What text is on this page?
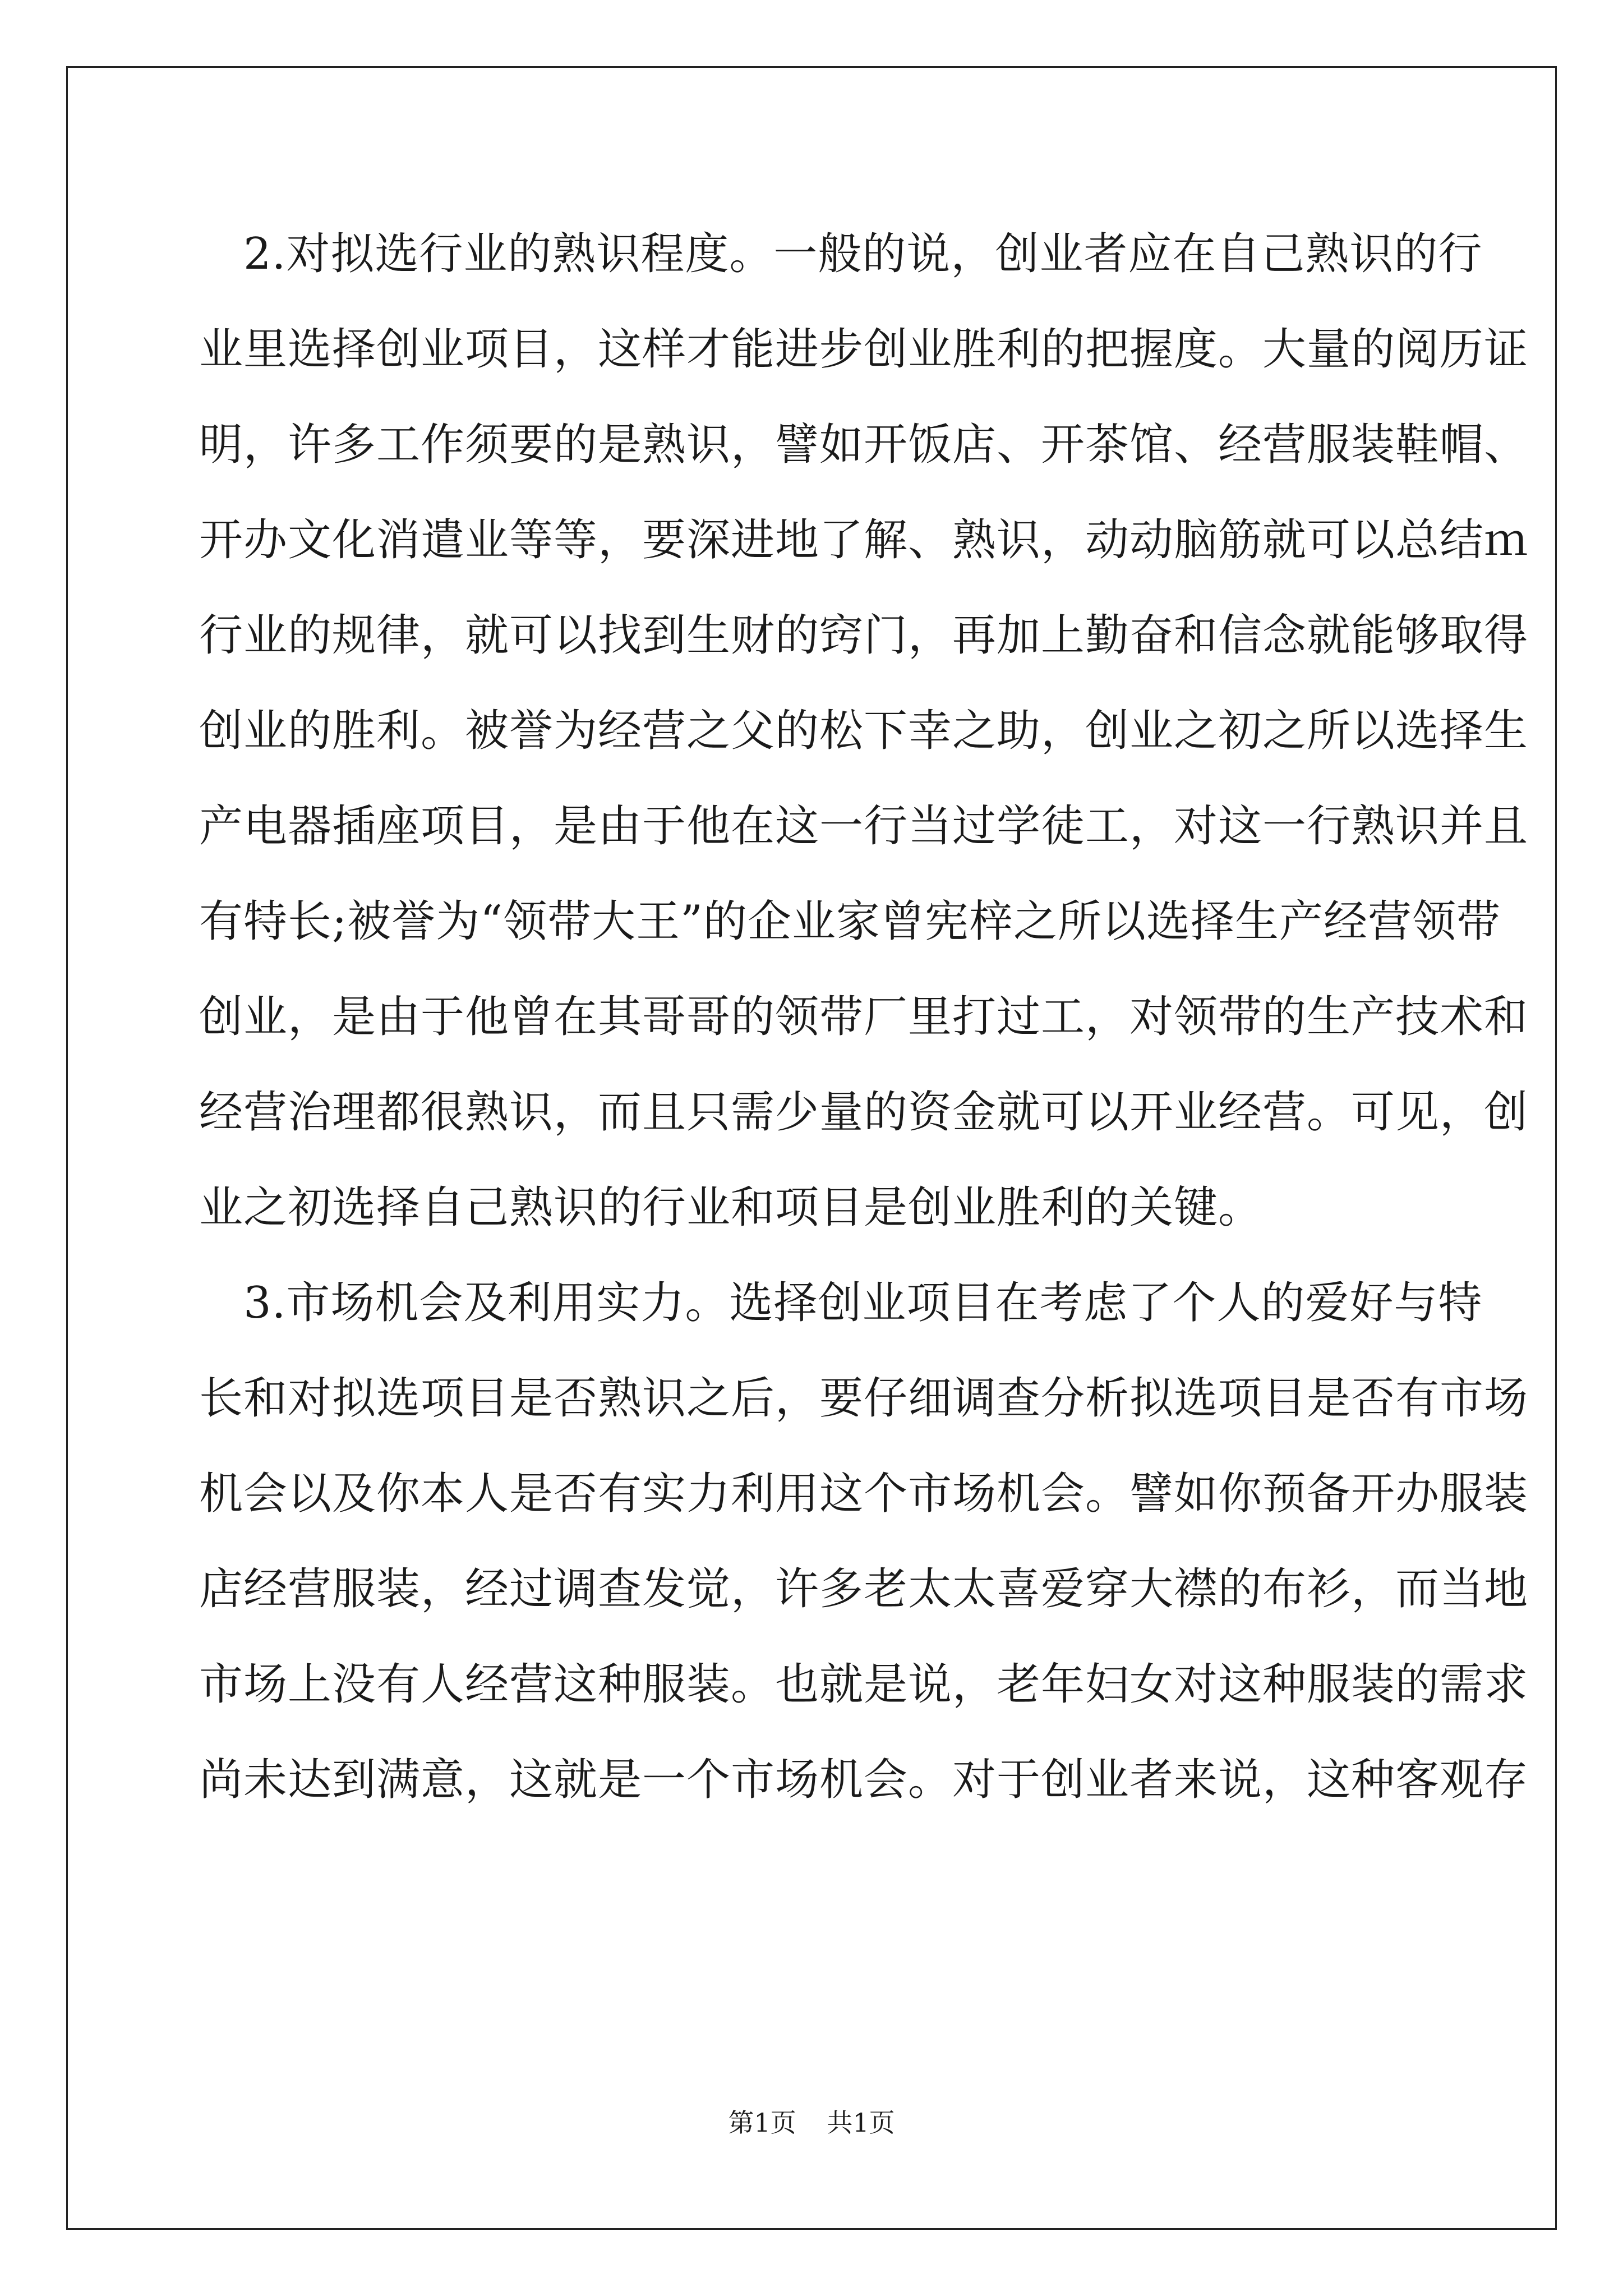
　2.对拟选行业的熟识程度。一般的说，创业者应在自己熟识的行
业里选择创业项目，这样才能进步创业胜利的把握度。大量的阅历证
明，许多工作须要的是熟识，譬如开饭店、开茶馆、经营服装鞋帽、
开办文化消遣业等等，要深进地了解、熟识，动动脑筋就可以总结ｍ
行业的规律，就可以找到生财的窍门，再加上勤奋和信念就能够取得
创业的胜利。被誉为经营之父的松下幸之助，创业之初之所以选择生
产电器插座项目，是由于他在这一行当过学徒工，对这一行熟识并且
有特长;被誉为“领带大王”的企业家曾宪梓之所以选择生产经营领带
创业，是由于他曾在其哥哥的领带厂里打过工，对领带的生产技术和
经营治理都很熟识，而且只需少量的资金就可以开业经营。可见，创
业之初选择自己熟识的行业和项目是创业胜利的关键。
　3.市场机会及利用实力。选择创业项目在考虑了个人的爱好与特
长和对拟选项目是否熟识之后，要仔细调查分析拟选项目是否有市场
机会以及你本人是否有实力利用这个市场机会。譬如你预备开办服装
店经营服装，经过调查发觉，许多老太太喜爱穿大襟的布衫，而当地
市场上没有人经营这种服装。也就是说，老年妇女对这种服装的需求
尚未达到满意，这就是一个市场机会。对于创业者来说，这种客观存
第1页 共1页
